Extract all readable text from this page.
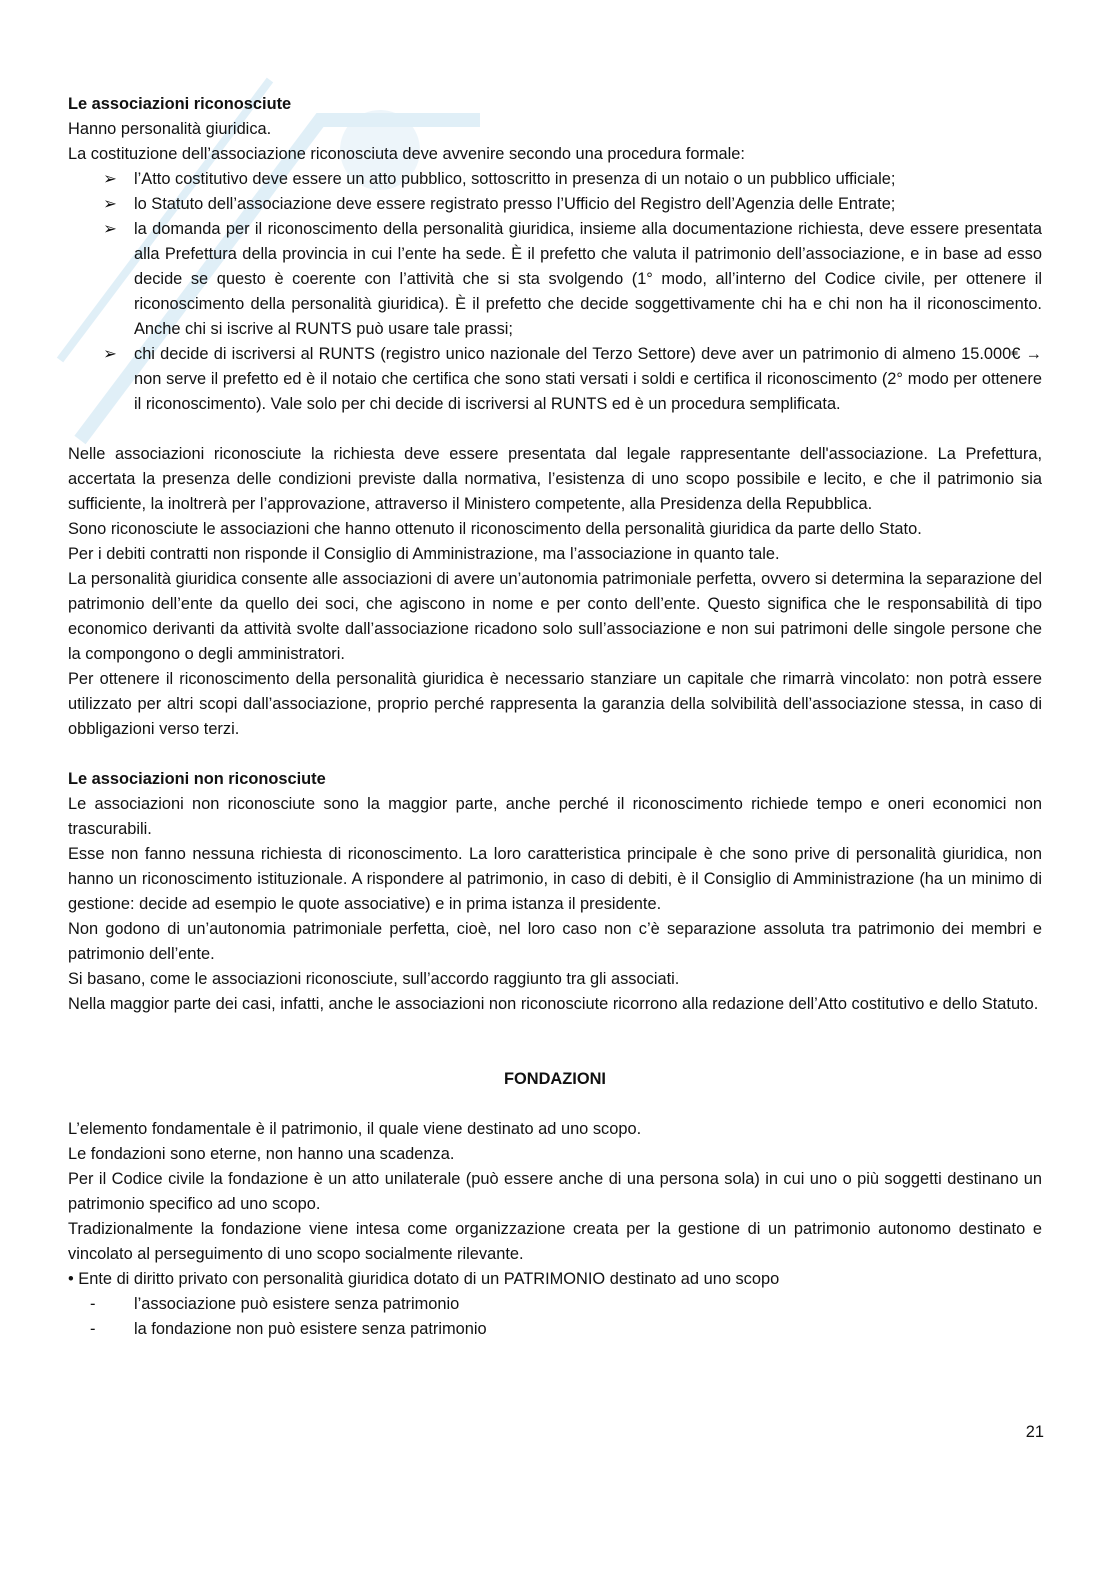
Le associazioni riconosciute

Hanno personalità giuridica.

La costituzione dell’associazione riconosciuta deve avvenire secondo una procedura formale:

➢ l’Atto costitutivo deve essere un atto pubblico, sottoscritto in presenza di un notaio o un pubblico ufficiale;
➢ lo Statuto dell’associazione deve essere registrato presso l’Ufficio del Registro dell’Agenzia delle Entrate;
➢ la domanda per il riconoscimento della personalità giuridica, insieme alla documentazione richiesta, deve essere presentata alla Prefettura della provincia in cui l’ente ha sede. È il prefetto che valuta il patrimonio dell’associazione, e in base ad esso decide se questo è coerente con l’attività che si sta svolgendo (1° modo, all’interno del Codice civile, per ottenere il riconoscimento della personalità giuridica). È il prefetto che decide soggettivamente chi ha e chi non ha il riconoscimento. Anche chi si iscrive al RUNTS può usare tale prassi;
➢ chi decide di iscriversi al RUNTS (registro unico nazionale del Terzo Settore) deve aver un patrimonio di almeno 15.000€ → non serve il prefetto ed è il notaio che certifica che sono stati versati i soldi e certifica il riconoscimento (2° modo per ottenere il riconoscimento). Vale solo per chi decide di iscriversi al RUNTS ed è un procedura semplificata.

Nelle associazioni riconosciute la richiesta deve essere presentata dal legale rappresentante dell'associazione. La Prefettura, accertata la presenza delle condizioni previste dalla normativa, l’esistenza di uno scopo possibile e lecito, e che il patrimonio sia sufficiente, la inoltrerà per l’approvazione, attraverso il Ministero competente, alla Presidenza della Repubblica.

Sono riconosciute le associazioni che hanno ottenuto il riconoscimento della personalità giuridica da parte dello Stato.

Per i debiti contratti non risponde il Consiglio di Amministrazione, ma l’associazione in quanto tale.

La personalità giuridica consente alle associazioni di avere un’autonomia patrimoniale perfetta, ovvero si determina la separazione del patrimonio dell’ente da quello dei soci, che agiscono in nome e per conto dell’ente. Questo significa che le responsabilità di tipo economico derivanti da attività svolte dall’associazione ricadono solo sull’associazione e non sui patrimoni delle singole persone che la compongono o degli amministratori.

Per ottenere il riconoscimento della personalità giuridica è necessario stanziare un capitale che rimarrà vincolato: non potrà essere utilizzato per altri scopi dall’associazione, proprio perché rappresenta la garanzia della solvibilità dell’associazione stessa, in caso di obbligazioni verso terzi.

Le associazioni non riconosciute

Le associazioni non riconosciute sono la maggior parte, anche perché il riconoscimento richiede tempo e oneri economici non trascurabili.

Esse non fanno nessuna richiesta di riconoscimento. La loro caratteristica principale è che sono prive di personalità giuridica, non hanno un riconoscimento istituzionale. A rispondere al patrimonio, in caso di debiti, è il Consiglio di Amministrazione (ha un minimo di gestione: decide ad esempio le quote associative) e in prima istanza il presidente.

Non godono di un’autonomia patrimoniale perfetta, cioè, nel loro caso non c’è separazione assoluta tra patrimonio dei membri e patrimonio dell’ente.

Si basano, come le associazioni riconosciute, sull’accordo raggiunto tra gli associati.

Nella maggior parte dei casi, infatti, anche le associazioni non riconosciute ricorrono alla redazione dell’Atto costitutivo e dello Statuto.

FONDAZIONI

L’elemento fondamentale è il patrimonio, il quale viene destinato ad uno scopo.

Le fondazioni sono eterne, non hanno una scadenza.

Per il Codice civile la fondazione è un atto unilaterale (può essere anche di una persona sola) in cui uno o più soggetti destinano un patrimonio specifico ad uno scopo.

Tradizionalmente la fondazione viene intesa come organizzazione creata per la gestione di un patrimonio autonomo destinato e vincolato al perseguimento di uno scopo socialmente rilevante.

• Ente di diritto privato con personalità giuridica dotato di un PATRIMONIO destinato ad uno scopo

- l’associazione può esistere senza patrimonio
- la fondazione non può esistere senza patrimonio
21
